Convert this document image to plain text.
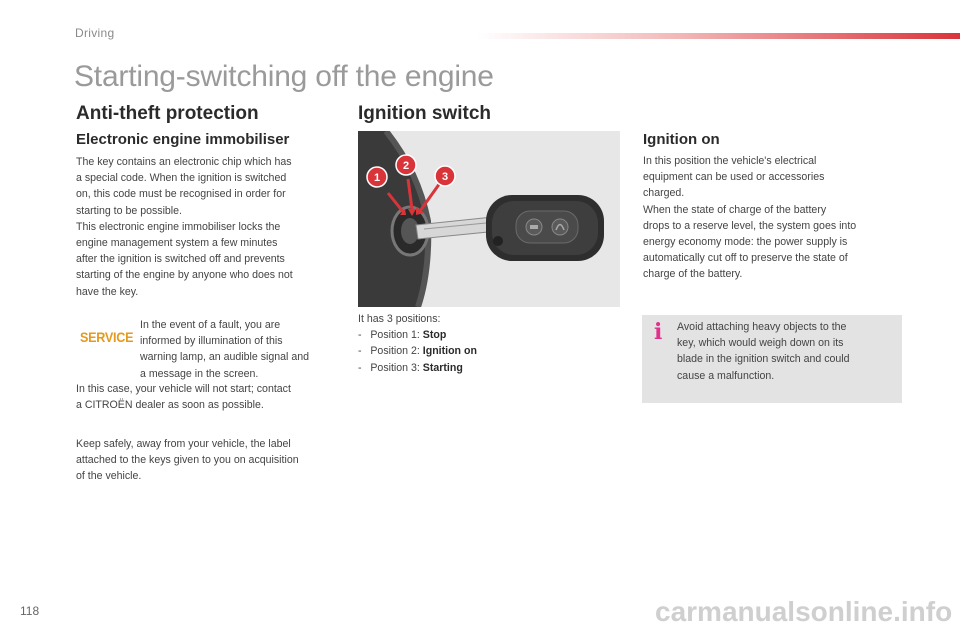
Driving
Starting-switching off the engine
Anti-theft protection
Electronic engine immobiliser
The key contains an electronic chip which has
a special code. When the ignition is switched
on, this code must be recognised in order for
starting to be possible.
This electronic engine immobiliser locks the
engine management system a few minutes
after the ignition is switched off and prevents
starting of the engine by anyone who does not
have the key.
SERVICE
In the event of a fault, you are
informed by illumination of this
warning lamp, an audible signal and
a message in the screen.
In this case, your vehicle will not start; contact
a CITROËN dealer as soon as possible.
Keep safely, away from your vehicle, the label
attached to the keys given to you on acquisition
of the vehicle.
Ignition switch
1
2
3
It has 3 positions:
-   Position 1: Stop
-   Position 2: Ignition on
-   Position 3: Starting
Ignition on
In this position the vehicle's electrical
equipment can be used or accessories
charged.
When the state of charge of the battery
drops to a reserve level, the system goes into
energy economy mode: the power supply is
automatically cut off to preserve the state of
charge of the battery.
i Avoid attaching heavy objects to the
key, which would weigh down on its
blade in the ignition switch and could
cause a malfunction.
118	carmanualsonline.info
